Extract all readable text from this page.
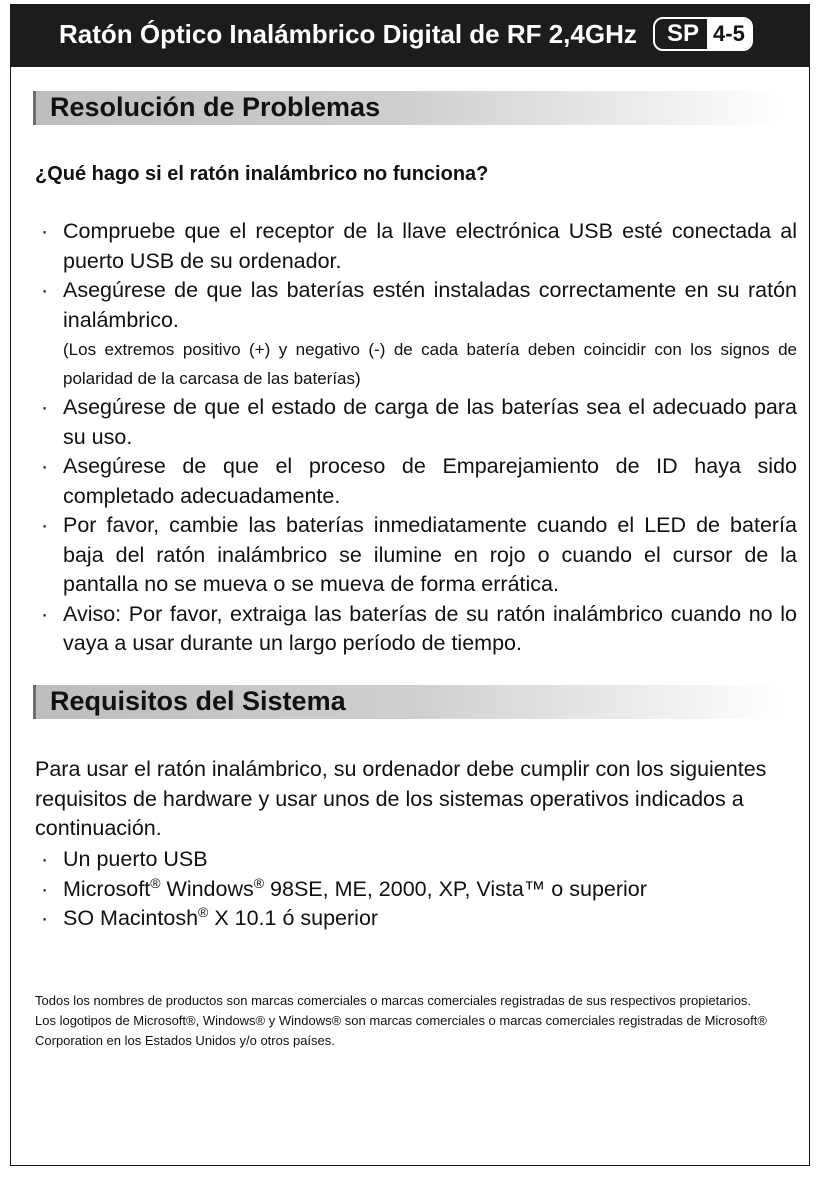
Ratón Óptico Inalámbrico Digital de RF 2,4GHz	SP 4-5
Resolución de Problemas
¿Qué hago si el ratón inalámbrico no funciona?
· Compruebe que el receptor de la llave electrónica USB esté conectada al puerto USB de su ordenador.
· Asegúrese de que las baterías estén instaladas correctamente en su ratón inalámbrico.
(Los extremos positivo (+) y negativo (-) de cada batería deben coincidir con los signos de polaridad de la carcasa de las baterías)
· Asegúrese de que el estado de carga de las baterías sea el adecuado para su uso.
· Asegúrese de que el proceso de Emparejamiento de ID haya sido completado adecuadamente.
· Por favor, cambie las baterías inmediatamente cuando el LED de batería baja del ratón inalámbrico se ilumine en rojo o cuando el cursor de la pantalla no se mueva o se mueva de forma errática.
· Aviso: Por favor, extraiga las baterías de su ratón inalámbrico cuando no lo vaya a usar durante un largo período de tiempo.
Requisitos del Sistema

Para usar el ratón inalámbrico, su ordenador debe cumplir con los siguientes requisitos de hardware y usar unos de los sistemas operativos indicados a continuación.

· Un puerto USB
· Microsoft® Windows® 98SE, ME, 2000, XP, Vista™ o superior
· SO Macintosh® X 10.1 ó superior
Todos los nombres de productos son marcas comerciales o marcas comerciales registradas de sus respectivos propietarios.
Los logotipos de Microsoft®, Windows® y Windows® son marcas comerciales o marcas comerciales registradas de Microsoft® Corporation en los Estados Unidos y/o otros países.
